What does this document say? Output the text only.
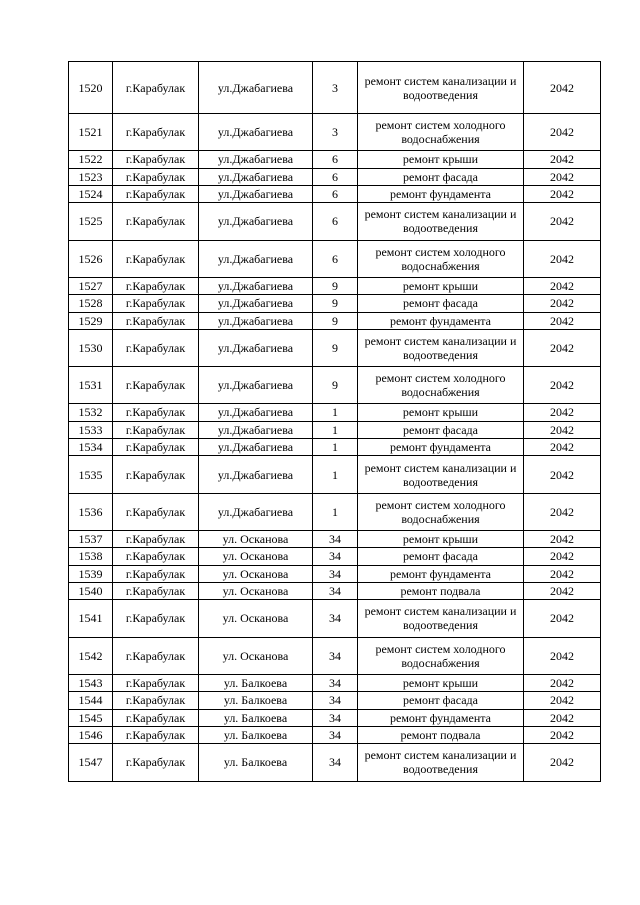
1520	г.Карабулак	ул.Джабагиева	3	ремонт систем канализации и водоотведения	2042
1521	г.Карабулак	ул.Джабагиева	3	ремонт систем холодного водоснабжения	2042
1522	г.Карабулак	ул.Джабагиева	6	ремонт крыши	2042
1523	г.Карабулак	ул.Джабагиева	6	ремонт фасада	2042
1524	г.Карабулак	ул.Джабагиева	6	ремонт фундамента	2042
1525	г.Карабулак	ул.Джабагиева	6	ремонт систем канализации и водоотведения	2042
1526	г.Карабулак	ул.Джабагиева	6	ремонт систем холодного водоснабжения	2042
1527	г.Карабулак	ул.Джабагиева	9	ремонт крыши	2042
1528	г.Карабулак	ул.Джабагиева	9	ремонт фасада	2042
1529	г.Карабулак	ул.Джабагиева	9	ремонт фундамента	2042
1530	г.Карабулак	ул.Джабагиева	9	ремонт систем канализации и водоотведения	2042
1531	г.Карабулак	ул.Джабагиева	9	ремонт систем холодного водоснабжения	2042
1532	г.Карабулак	ул.Джабагиева	1	ремонт крыши	2042
1533	г.Карабулак	ул.Джабагиева	1	ремонт фасада	2042
1534	г.Карабулак	ул.Джабагиева	1	ремонт фундамента	2042
1535	г.Карабулак	ул.Джабагиева	1	ремонт систем канализации и водоотведения	2042
1536	г.Карабулак	ул.Джабагиева	1	ремонт систем холодного водоснабжения	2042
1537	г.Карабулак	ул. Осканова	34	ремонт крыши	2042
1538	г.Карабулак	ул. Осканова	34	ремонт фасада	2042
1539	г.Карабулак	ул. Осканова	34	ремонт фундамента	2042
1540	г.Карабулак	ул. Осканова	34	ремонт подвала	2042
1541	г.Карабулак	ул. Осканова	34	ремонт систем канализации и водоотведения	2042
1542	г.Карабулак	ул. Осканова	34	ремонт систем холодного водоснабжения	2042
1543	г.Карабулак	ул. Балкоева	34	ремонт крыши	2042
1544	г.Карабулак	ул. Балкоева	34	ремонт фасада	2042
1545	г.Карабулак	ул. Балкоева	34	ремонт фундамента	2042
1546	г.Карабулак	ул. Балкоева	34	ремонт подвала	2042
1547	г.Карабулак	ул. Балкоева	34	ремонт систем канализации и водоотведения	2042
